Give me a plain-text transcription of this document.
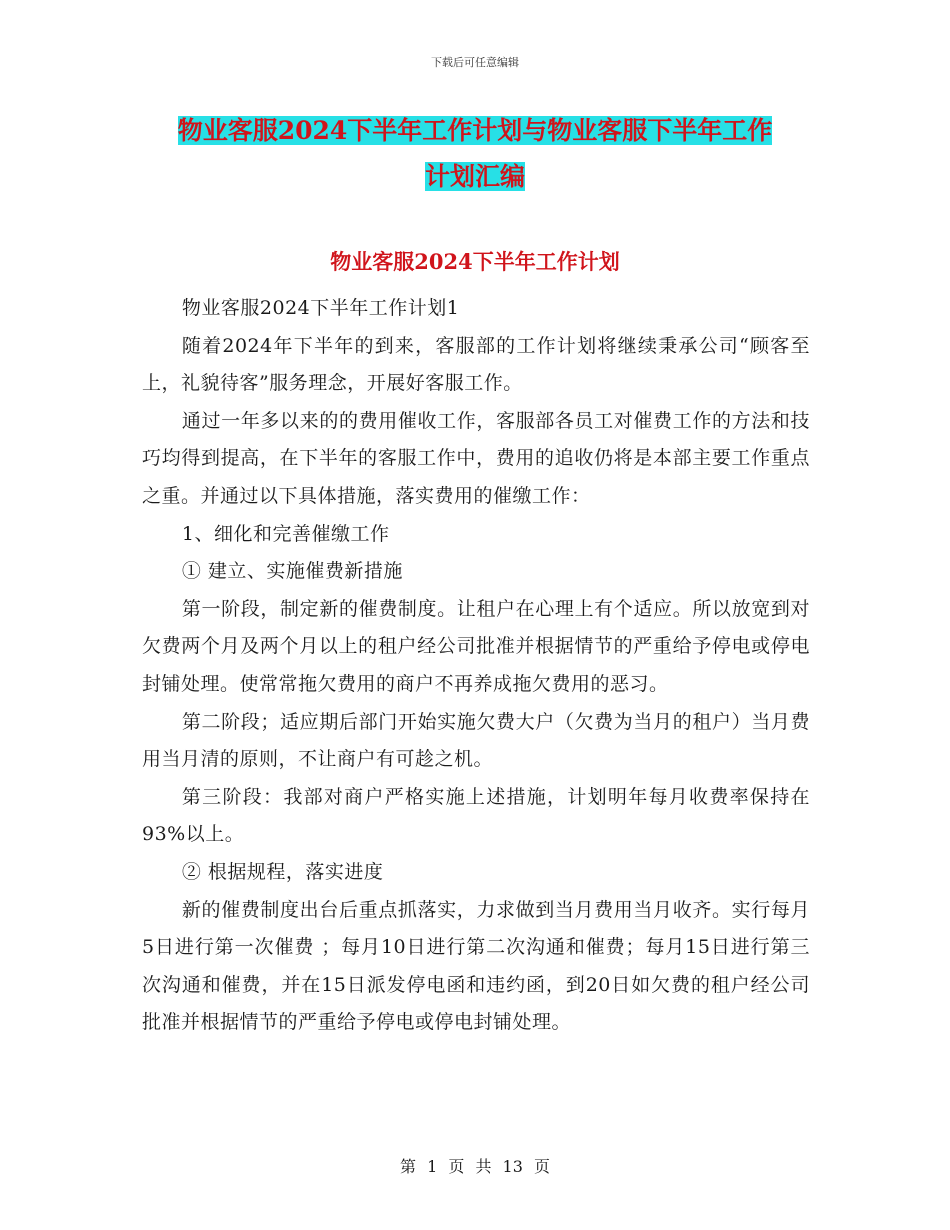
下载后可任意编辑
物业客服2024下半年工作计划与物业客服下半年工作
计划汇编
物业客服2024下半年工作计划

物业客服2024下半年工作计划1

随着2024年下半年的到来，客服部的工作计划将继续秉承公司“顾客至上，礼貌待客”服务理念，开展好客服工作。

通过一年多以来的的费用催收工作，客服部各员工对催费工作的方法和技巧均得到提高，在下半年的客服工作中，费用的追收仍将是本部主要工作重点之重。并通过以下具体措施，落实费用的催缴工作：

1、细化和完善催缴工作

① 建立、实施催费新措施

第一阶段，制定新的催费制度。让租户在心理上有个适应。所以放宽到对欠费两个月及两个月以上的租户经公司批准并根据情节的严重给予停电或停电封铺处理。使常常拖欠费用的商户不再养成拖欠费用的恶习。

第二阶段；适应期后部门开始实施欠费大户（欠费为当月的租户）当月费用当月清的原则，不让商户有可趁之机。

第三阶段：我部对商户严格实施上述措施，计划明年每月收费率保持在93%以上。

② 根据规程，落实进度

新的催费制度出台后重点抓落实，力求做到当月费用当月收齐。实行每月5日进行第一次催费 ；每月10日进行第二次沟通和催费；每月15日进行第三次沟通和催费，并在15日派发停电函和违约函，到20日如欠费的租户经公司批准并根据情节的严重给予停电或停电封铺处理。

第 1 页 共 13 页
